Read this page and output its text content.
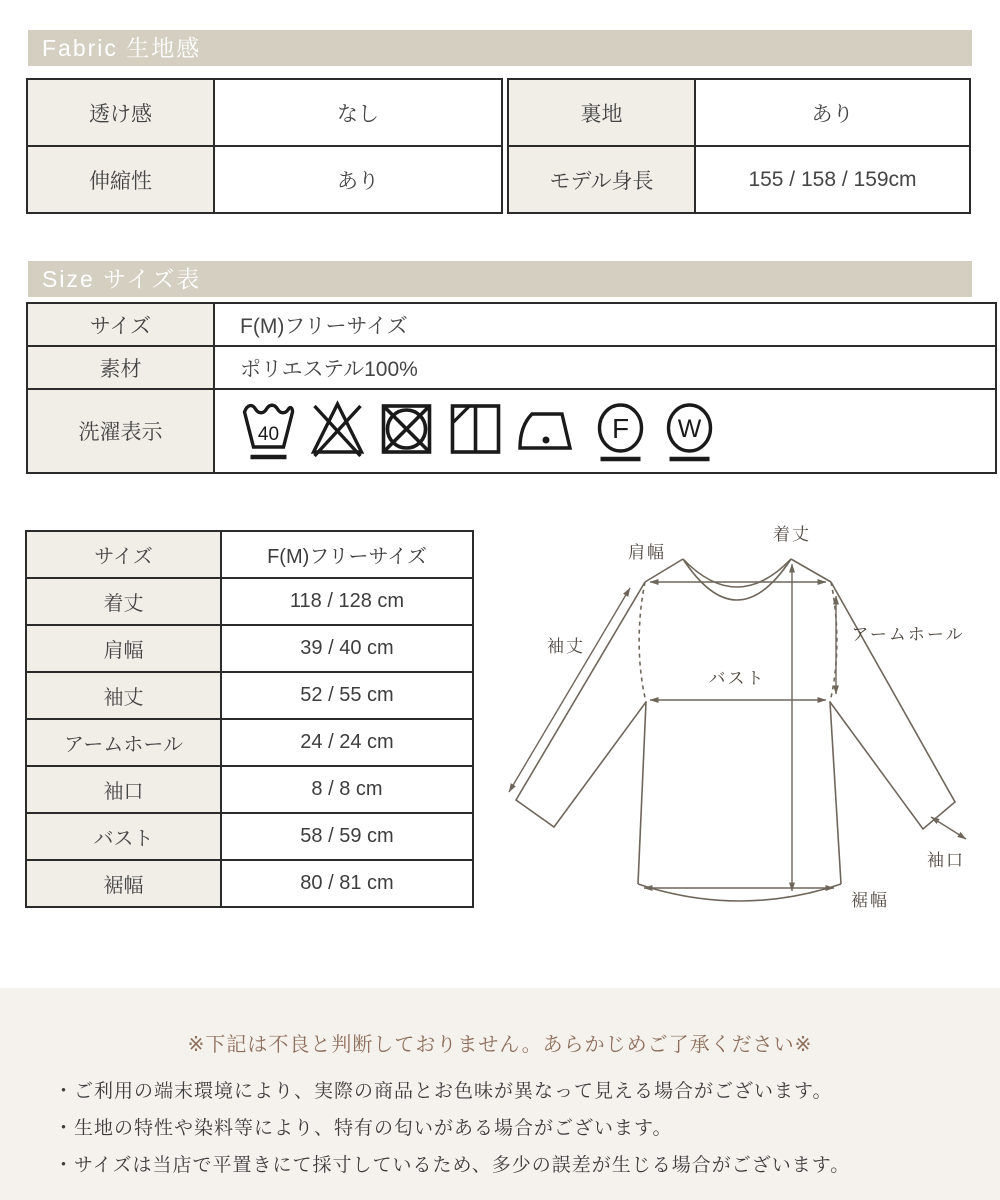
Fabric 生地感
透け感	なし
伸縮性	あり
裏地	あり
モデル身長	155 / 158 / 159cm
Size サイズ表
サイズ	F(M)フリーサイズ
素材	ポリエステル100%
洗濯表示	40 F W
サイズ	F(M)フリーサイズ
着丈	118 / 128 cm
肩幅	39 / 40 cm
袖丈	52 / 55 cm
アームホール	24 / 24 cm
袖口	8 / 8 cm
バスト	58 / 59 cm
裾幅	80 / 81 cm
着丈
肩幅
袖丈
アームホール
バスト
袖口
裾幅
※下記は不良と判断しておりません。あらかじめご了承ください※
・ご利用の端末環境により、実際の商品とお色味が異なって見える場合がございます。
・生地の特性や染料等により、特有の匂いがある場合がございます。
・サイズは当店で平置きにて採寸しているため、多少の誤差が生じる場合がございます。
